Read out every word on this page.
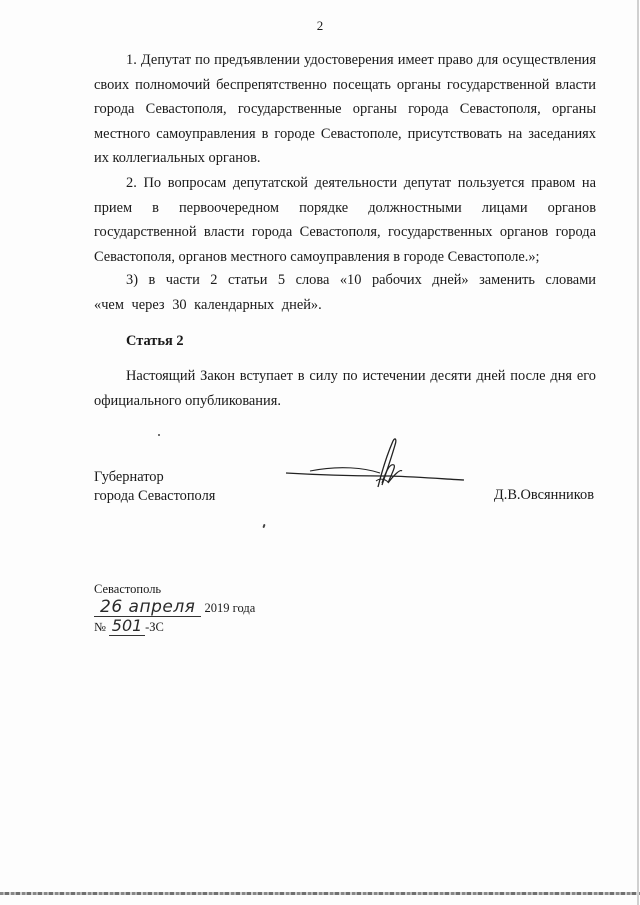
2

1. Депутат по предъявлении удостоверения имеет право для осуществления своих полномочий беспрепятственно посещать органы государственной власти города Севастополя, государственные органы города Севастополя, органы местного самоуправления в городе Севастополе, присутствовать на заседаниях их коллегиальных органов.

2. По вопросам депутатской деятельности депутат пользуется правом на прием в первоочередном порядке должностными лицами органов государственной власти города Севастополя, государственных органов города Севастополя, органов местного самоуправления в городе Севастополе.»;

3) в части 2 статьи 5 слова «10 рабочих дней» заменить словами «чем через 30 календарных дней».

Статья 2

Настоящий Закон вступает в силу по истечении десяти дней после дня его официального опубликования.

Губернатор
города Севастополя	Д.В.Овсянников
Севастополь
26 апреля 2019 года
№ 501 -ЗС
